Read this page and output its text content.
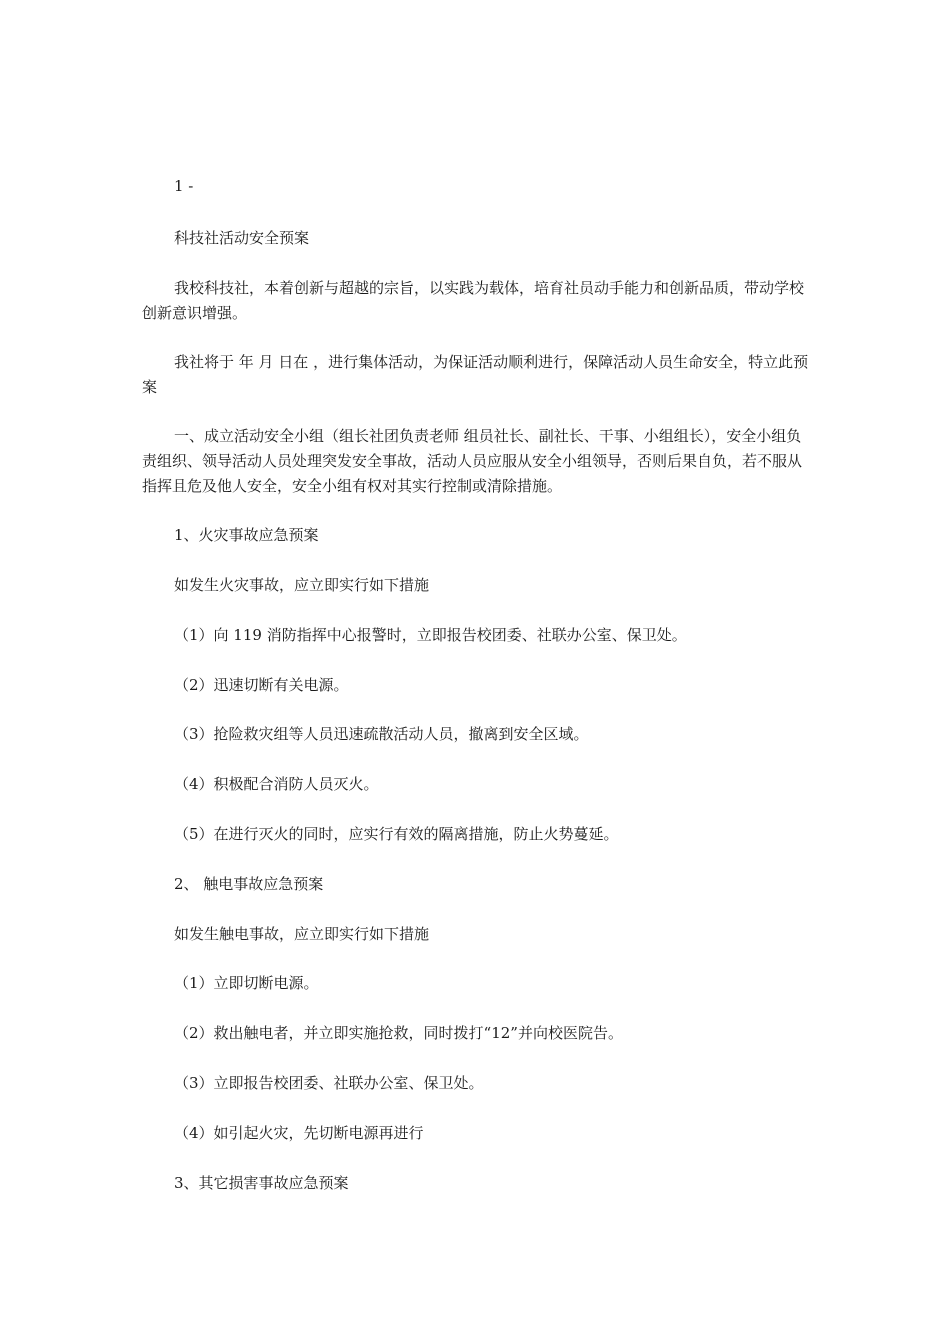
1 -

科技社活动安全预案

我校科技社，本着创新与超越的宗旨，以实践为载体，培育社员动手能力和创新品质，带动学校创新意识增强。

我社将于 年 月 日在 ，进行集体活动，为保证活动顺利进行，保障活动人员生命安全，特立此预案

一、成立活动安全小组（组长社团负责老师 组员社长、副社长、干事、小组组长），安全小组负责组织、领导活动人员处理突发安全事故，活动人员应服从安全小组领导，否则后果自负，若不服从指挥且危及他人安全，安全小组有权对其实行控制或清除措施。

1、火灾事故应急预案

如发生火灾事故，应立即实行如下措施

（1）向 119 消防指挥中心报警时，立即报告校团委、社联办公室、保卫处。

（2）迅速切断有关电源。

（3）抢险救灾组等人员迅速疏散活动人员，撤离到安全区域。

（4）积极配合消防人员灭火。

（5）在进行灭火的同时，应实行有效的隔离措施，防止火势蔓延。

2、 触电事故应急预案

如发生触电事故，应立即实行如下措施

（1）立即切断电源。

（2）救出触电者，并立即实施抢救，同时拨打“12”并向校医院告。

（3）立即报告校团委、社联办公室、保卫处。

（4）如引起火灾，先切断电源再进行

3、其它损害事故应急预案
